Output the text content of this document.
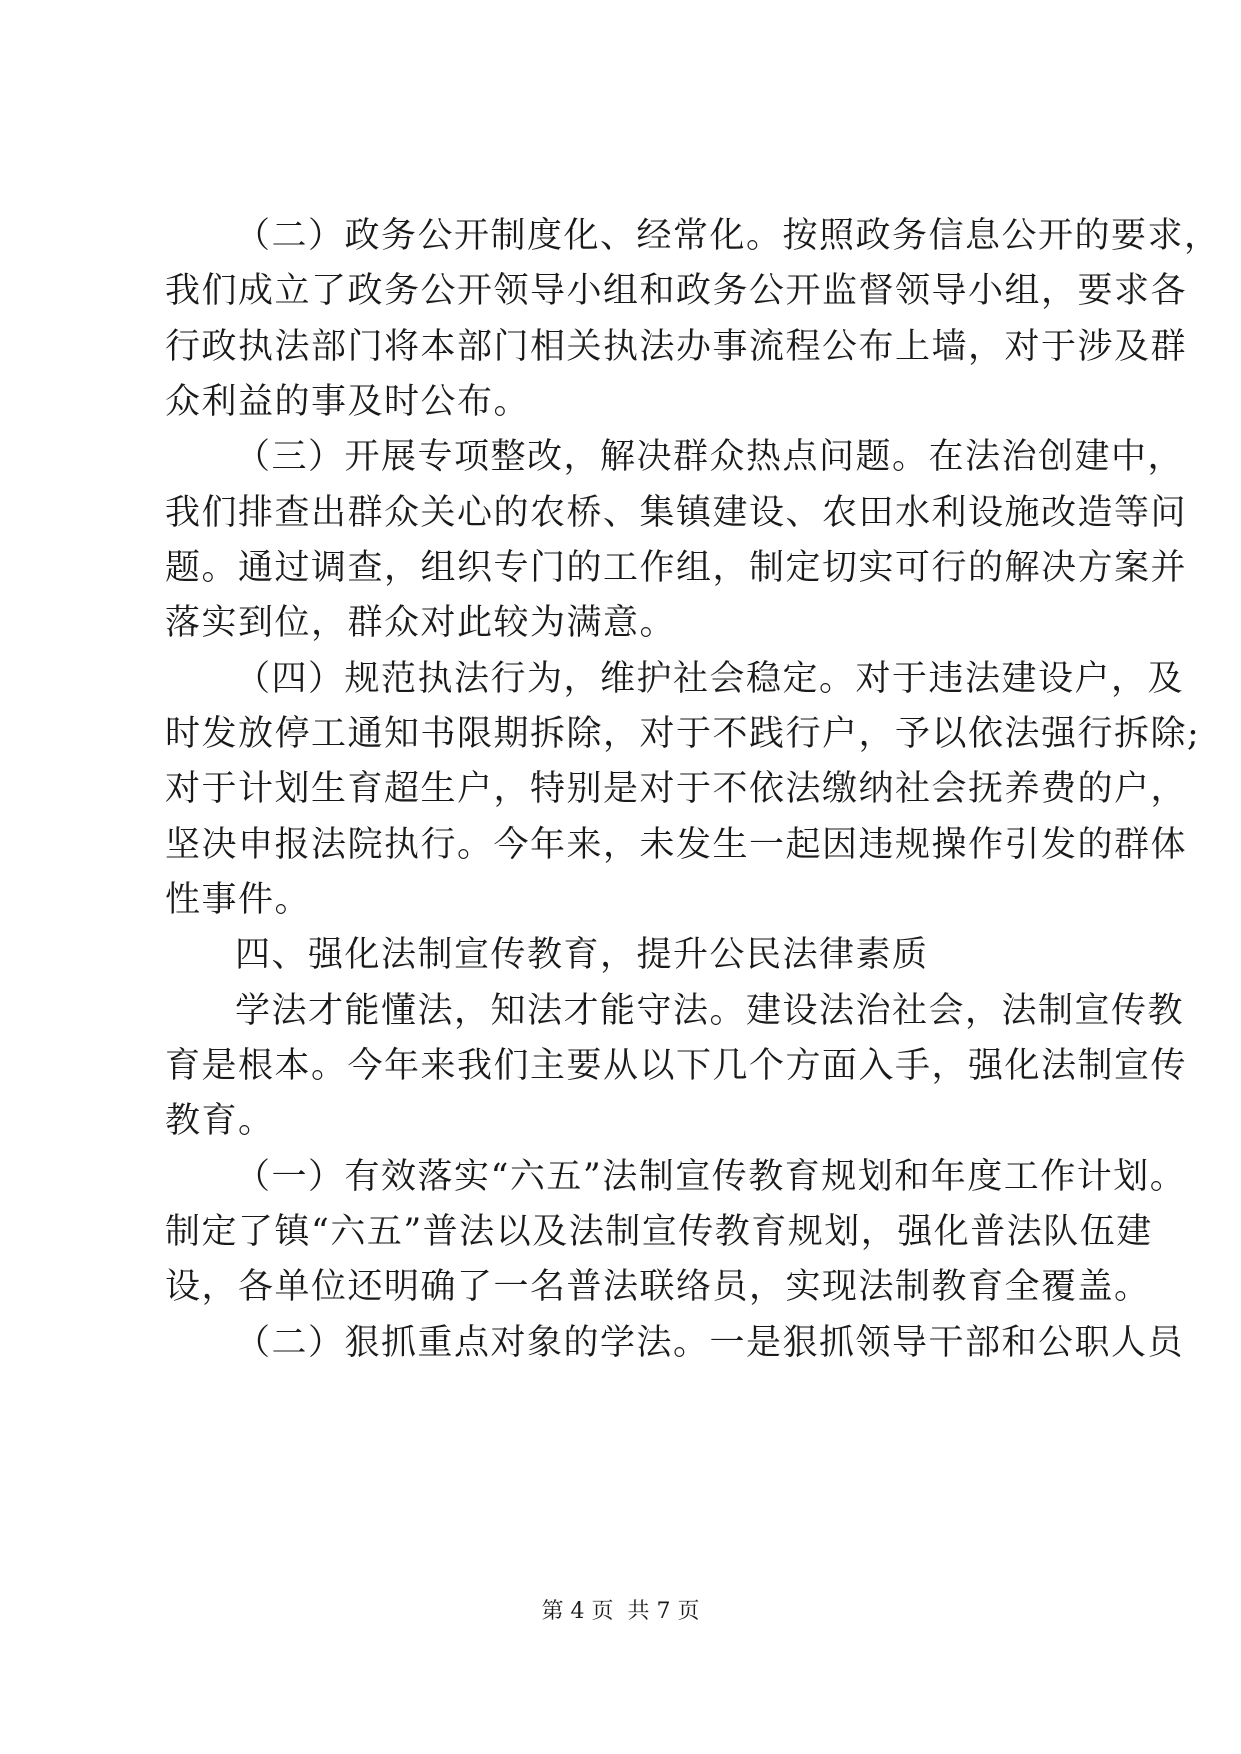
（二）政务公开制度化、经常化。按照政务信息公开的要求，
我们成立了政务公开领导小组和政务公开监督领导小组，要求各
行政执法部门将本部门相关执法办事流程公布上墙，对于涉及群
众利益的事及时公布。
（三）开展专项整改，解决群众热点问题。在法治创建中，
我们排查出群众关心的农桥、集镇建设、农田水利设施改造等问
题。通过调查，组织专门的工作组，制定切实可行的解决方案并
落实到位，群众对此较为满意。
（四）规范执法行为，维护社会稳定。对于违法建设户，及
时发放停工通知书限期拆除，对于不践行户，予以依法强行拆除;
对于计划生育超生户，特别是对于不依法缴纳社会抚养费的户，
坚决申报法院执行。今年来，未发生一起因违规操作引发的群体
性事件。
四、强化法制宣传教育，提升公民法律素质
学法才能懂法，知法才能守法。建设法治社会，法制宣传教
育是根本。今年来我们主要从以下几个方面入手，强化法制宣传
教育。
（一）有效落实“六五”法制宣传教育规划和年度工作计划。
制定了镇“六五”普法以及法制宣传教育规划，强化普法队伍建
设，各单位还明确了一名普法联络员，实现法制教育全覆盖。
（二）狠抓重点对象的学法。一是狠抓领导干部和公职人员
第 4 页 共 7 页
